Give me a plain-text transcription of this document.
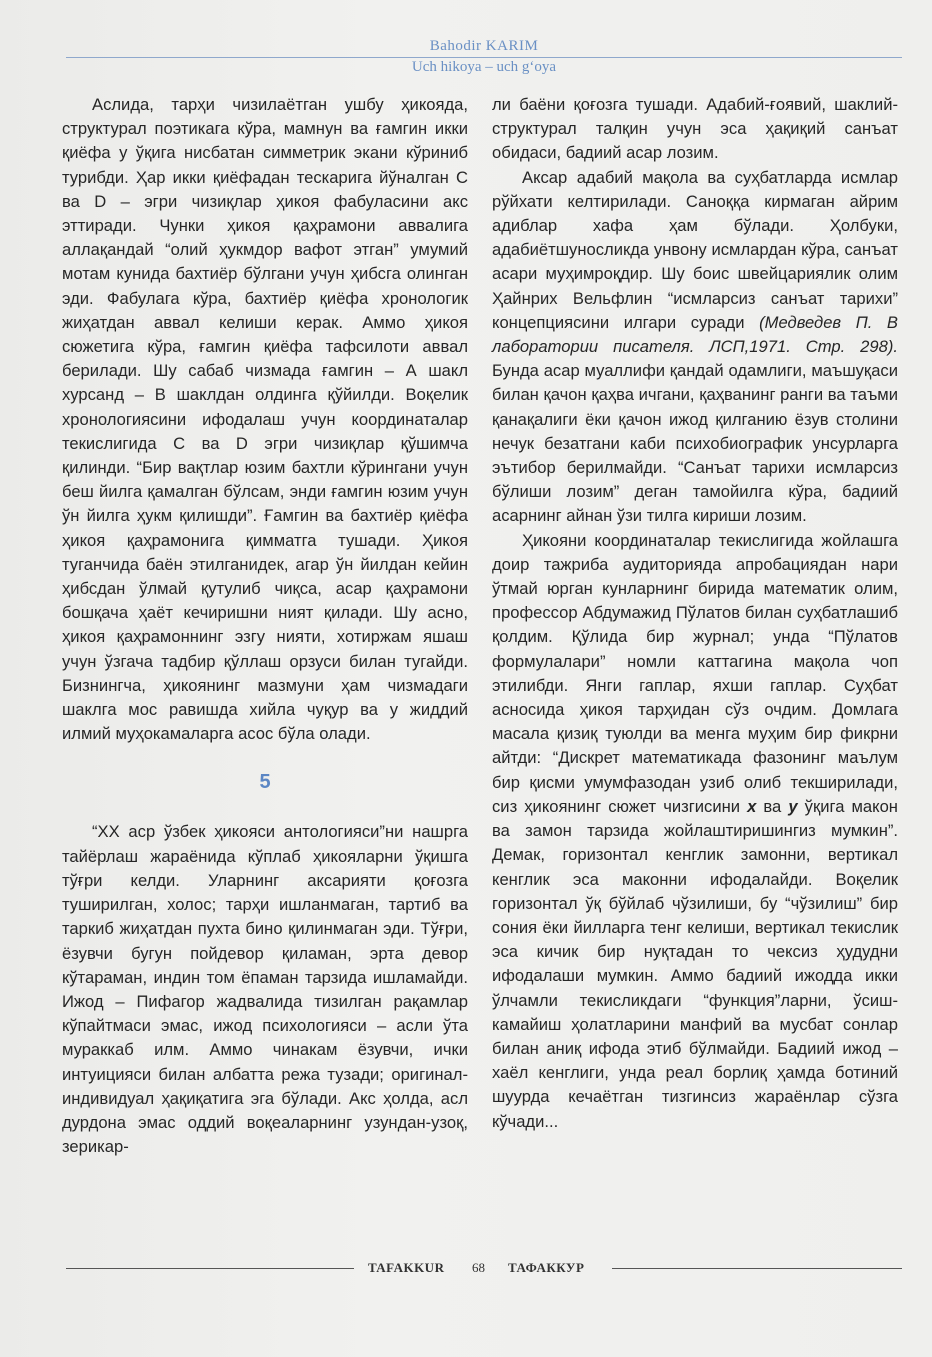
Bahodir KARIM
Uch hikoya – uch g‘oya

Аслида, тарҳи чизилаётган ушбу ҳикояда, структурал поэтикага кўра, мамнун ва ғамгин икки қиёфа у ўқига нисбатан симметрик экани кўриниб турибди. Ҳар икки қиёфадан тескарига йўналган С ва D – эгри чизиқлар ҳикоя фабуласини акс эттиради. Чунки ҳикоя қаҳрамони аввалига аллақандай “олий ҳукмдор вафот этган” умумий мотам кунида бахтиёр бўлгани учун ҳибсга олинган эди. Фабулага кўра, бахтиёр қиёфа хронологик жиҳатдан аввал келиши керак. Аммо ҳикоя сюжетига кўра, ғамгин қиёфа тафсилоти аввал берилади. Шу сабаб чизмада ғамгин – А шакл хурсанд – В шаклдан олдинга қўйилди. Воқелик хронологиясини ифодалаш учун координаталар текислигида С ва D эгри чизиқлар қўшимча қилинди. “Бир вақтлар юзим бахтли кўрингани учун беш йилга қамалган бўлсам, энди ғамгин юзим учун ўн йилга ҳукм қилишди”. Ғамгин ва бахтиёр қиёфа ҳикоя қаҳрамонига қимматга тушади. Ҳикоя туганчида баён этилганидек, агар ўн йилдан кейин ҳибсдан ўлмай қутулиб чиқса, асар қаҳрамони бошқача ҳаёт кечиришни ният қилади. Шу асно, ҳикоя қаҳрамоннинг эзгу нияти, хотиржам яшаш учун ўзгача тадбир қўллаш орзуси билан тугайди. Бизнингча, ҳикоянинг мазмуни ҳам чизмадаги шаклга мос равишда хийла чуқур ва у жиддий илмий муҳокамаларга асос бўла олади.

5

“ХХ аср ўзбек ҳикояси антологияси”ни нашрга тайёрлаш жараёнида кўплаб ҳикояларни ўқишга тўғри келди. Уларнинг аксарияти қоғозга туширилган, холос; тарҳи ишланмаган, тартиб ва таркиб жиҳатдан пухта бино қилинмаган эди. Тўғри, ёзувчи бугун пойдевор қиламан, эрта девор кўтараман, индин том ёпаман тарзида ишламайди. Ижод – Пифагор жадвалида тизилган рақамлар кўпайтмаси эмас, ижод психологияси – асли ўта мураккаб илм. Аммо чинакам ёзувчи, ички интуицияси билан албатта режа тузади; оригинал-индивидуал ҳақиқатига эга бўлади. Акс ҳолда, асл дурдона эмас оддий воқеаларнинг узундан-узоқ, зерикар-

ли баёни қоғозга тушади. Адабий-ғоявий, шаклий-структурал талқин учун эса ҳақиқий санъат обидаси, бадиий асар лозим.

Аксар адабий мақола ва суҳбатларда исмлар рўйхати келтирилади. Санoққа кирмаган айрим адиблар хафа ҳам бўлади. Ҳолбуки, адабиётшуносликда унвону исмлардан кўра, санъат асари муҳимроқдир. Шу боис швейцариялик олим Ҳайнрих Вельфлин “исмларсиз санъат тарихи” концепциясини илгари суради (Медведев П. В лаборатории писателя. ЛСП,1971. Стр. 298). Бунда асар муаллифи қандай одамлиги, маъшуқаси билан қачон қаҳва ичгани, қаҳванинг ранги ва таъми қанақалиги ёки қачон ижод қилганию ёзув столини нечук безатгани каби психобиографик унсурларга эътибор берилмайди. “Санъат тарихи исмларсиз бўлиши лозим” деган тамойилга кўра, бадиий асарнинг айнан ўзи тилга кириши лозим.

Ҳикояни координаталар текислигида жойлашга доир тажриба аудиторияда апробациядан нари ўтмай юрган кунларнинг бирида математик олим, профессор Абдумажид Пўлатов билан суҳбатлашиб қолдим. Қўлида бир журнал; унда “Пўлатов формулалари” номли каттагина мақола чоп этилибди. Янги гаплар, яхши гаплар. Суҳбат асносида ҳикоя тарҳидан сўз очдим. Домлага масала қизиқ туюлди ва менга муҳим бир фикрни айтди: “Дискрет математикада фазонинг маълум бир қисми умумфазодан узиб олиб текширилади, сиз ҳикоянинг сюжет чизгисини x ва у ўқига макон ва замон тарзида жойлаштиришингиз мумкин”. Демак, горизонтал кенглик замонни, вертикал кенглик эса маконни ифодалайди. Воқелик горизонтал ўқ бўйлаб чўзилиши, бу “чўзилиш” бир сония ёки йилларга тенг келиши, вертикал текислик эса кичик бир нуқтадан то чексиз ҳудудни ифодалаши мумкин. Аммо бадиий ижодда икки ўлчамли текисликдаги “функция”ларни, ўсиш-камайиш ҳолатларини манфий ва мусбат сонлар билан аниқ ифода этиб бўлмайди. Бадиий ижод – хаёл кенглиги, унда реал борлиқ ҳамда ботиний шуурда кечаётган тизгинсиз жараёнлар сўзга кўчади...

TAFAKKUR 68 ТАФАККУР
